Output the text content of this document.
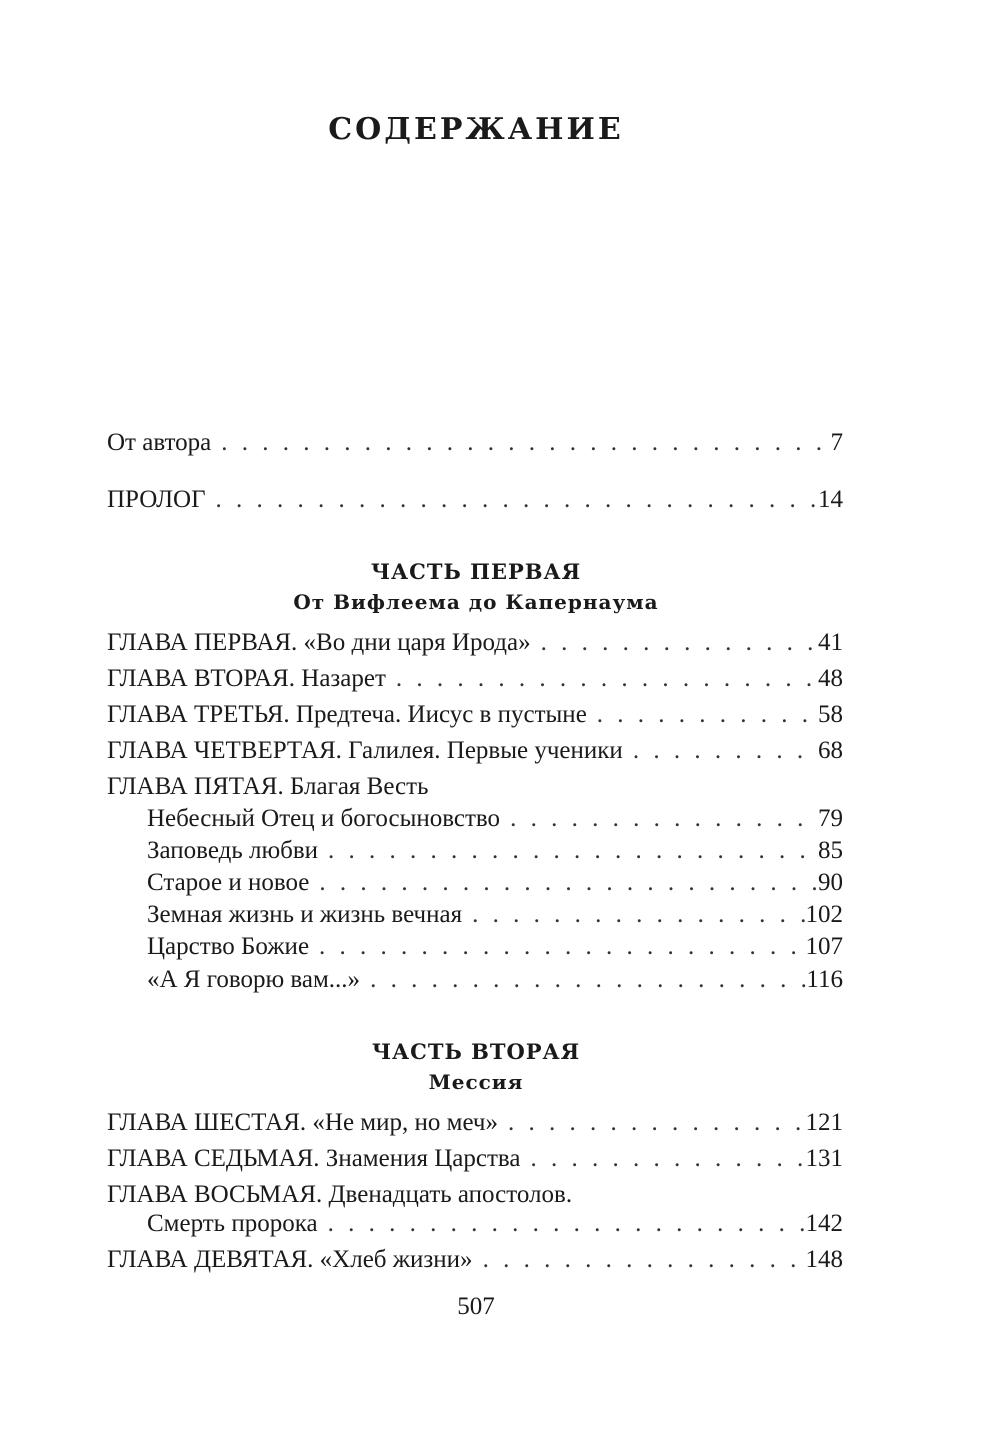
СОДЕРЖАНИЕ
От автора . . .	7
ПРОЛОГ . . .	14
ЧАСТЬ ПЕРВАЯ
От Вифлеема до Капернаума
ГЛАВА ПЕРВАЯ. «Во дни царя Ирода» . . .	41
ГЛАВА ВТОРАЯ. Назарет . . .	48
ГЛАВА ТРЕТЬЯ. Предтеча. Иисус в пустыне . . .	58
ГЛАВА ЧЕТВЕРТАЯ. Галилея. Первые ученики . . .	68
ГЛАВА ПЯТАЯ. Благая Весть
Небесный Отец и богосыновство . . .	79
Заповедь любви . . .	85
Старое и новое . . .	90
Земная жизнь и жизнь вечная . . .	102
Царство Божие . . .	107
«А Я говорю вам...» . . .	116
ЧАСТЬ ВТОРАЯ
Мессия
ГЛАВА ШЕСТАЯ. «Не мир, но меч» . . .	121
ГЛАВА СЕДЬМАЯ. Знамения Царства . . .	131
ГЛАВА ВОСЬМАЯ. Двенадцать апостолов.
Смерть пророка . . .	142
ГЛАВА ДЕВЯТАЯ. «Хлеб жизни» . . .	148
507
